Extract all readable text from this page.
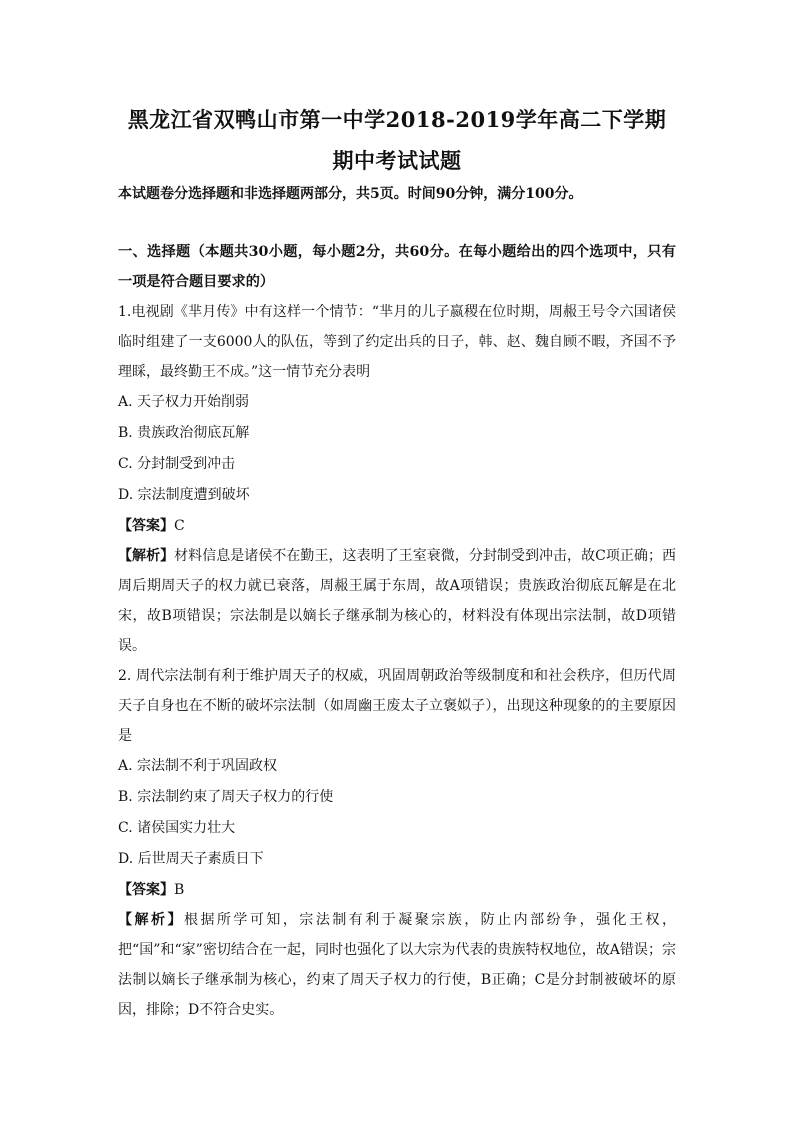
黑龙江省双鸭山市第一中学2018-2019学年高二下学期
期中考试试题
本试题卷分选择题和非选择题两部分，共5页。时间90分钟，满分100分。
一、选择题（本题共30小题，每小题2分，共60分。在每小题给出的四个选项中，只有一项是符合题目要求的）
1.电视剧《芈月传》中有这样一个情节：“芈月的儿子嬴稷在位时期，周赧王号令六国诸侯临时组建了一支6000人的队伍，等到了约定出兵的日子，韩、赵、魏自顾不暇，齐国不予理睬，最终勤王不成。”这一情节充分表明
A. 天子权力开始削弱
B. 贵族政治彻底瓦解
C. 分封制受到冲击
D. 宗法制度遭到破坏
【答案】C
【解析】材料信息是诸侯不在勤王，这表明了王室衰微，分封制受到冲击，故C项正确；西周后期周天子的权力就已衰落，周赧王属于东周，故A项错误；贵族政治彻底瓦解是在北宋，故B项错误；宗法制是以嫡长子继承制为核心的，材料没有体现出宗法制，故D项错误。
2. 周代宗法制有利于维护周天子的权威，巩固周朝政治等级制度和和社会秩序，但历代周天子自身也在不断的破坏宗法制（如周幽王废太子立褒姒子），出现这种现象的的主要原因是
A. 宗法制不利于巩固政权
B. 宗法制约束了周天子权力的行使
C. 诸侯国实力壮大
D. 后世周天子素质日下
【答案】B
【解析】根据所学可知，宗法制有利于凝聚宗族，防止内部纷争，强化王权，把“国”和“家”密切结合在一起，同时也强化了以大宗为代表的贵族特权地位，故A错误；宗法制以嫡长子继承制为核心，约束了周天子权力的行使，B正确；C是分封制被破坏的原因，排除；D不符合史实。
